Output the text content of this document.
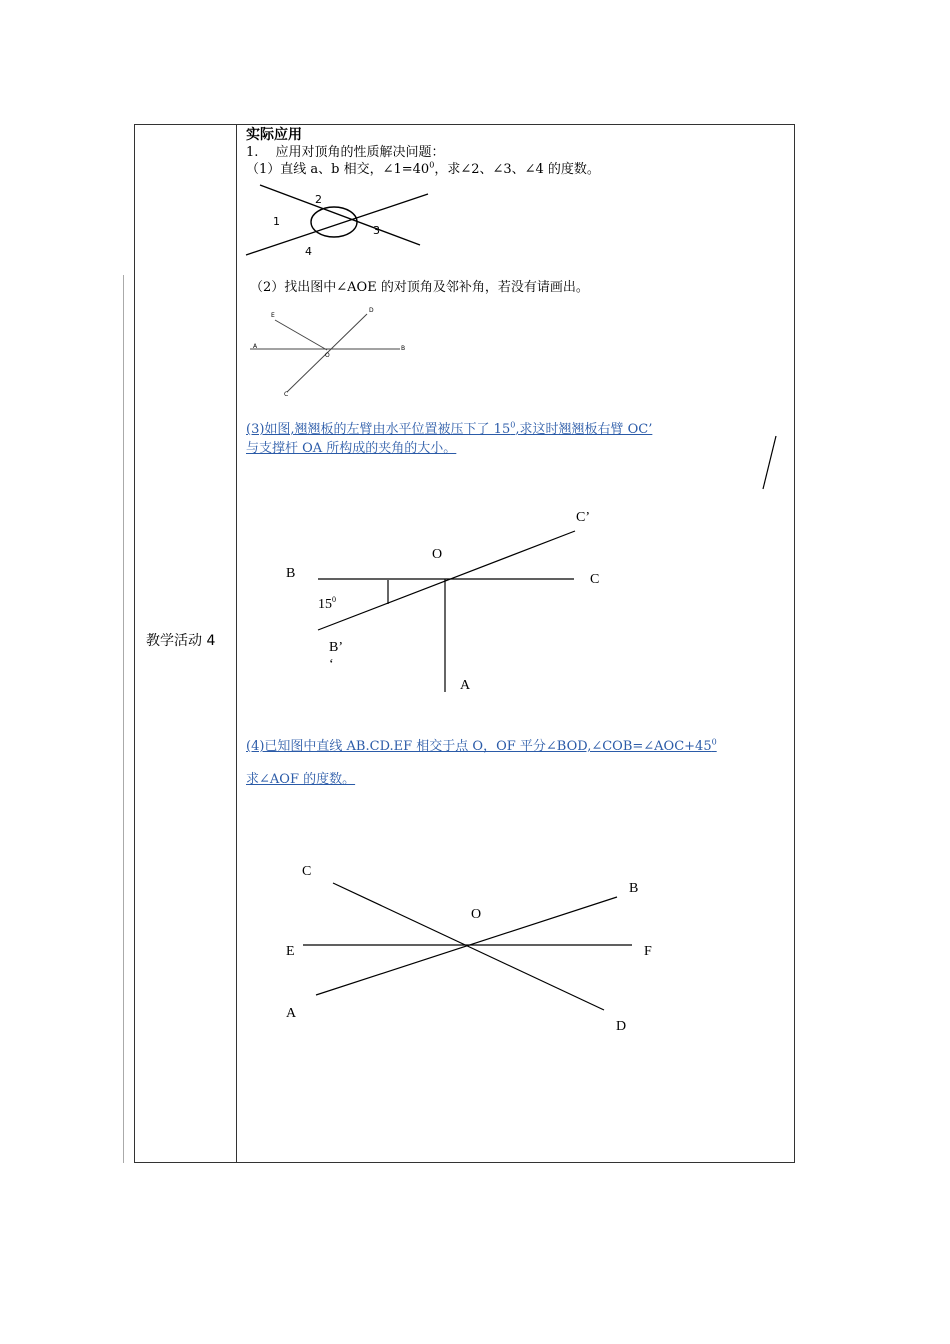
教学活动 4
实际应用
1.　 应用对顶角的性质解决问题：
（1）直线 a、b 相交，$\angle 1=40^0$，求∠2、∠3、∠4 的度数。
1
2
3
4
（2）找出图中∠AOE 的对顶角及邻补角，若没有请画出。
E
D
A
O
B
C
(3)如图,翘翘板的左臂由水平位置被压下了 $15^0$,求这时翘翘板右臂 OC’
与支撑杆 OA 所构成的夹角的大小。
C’
O
B	C
$15^0$
B’
‘
A
(4)已知图中直线 AB.CD.EF 相交于点 O，OF 平分$\angle BOD,\angle COB=\angle AOC+45^0$
求∠AOF 的度数。
C
B
O
E	F
A
D
